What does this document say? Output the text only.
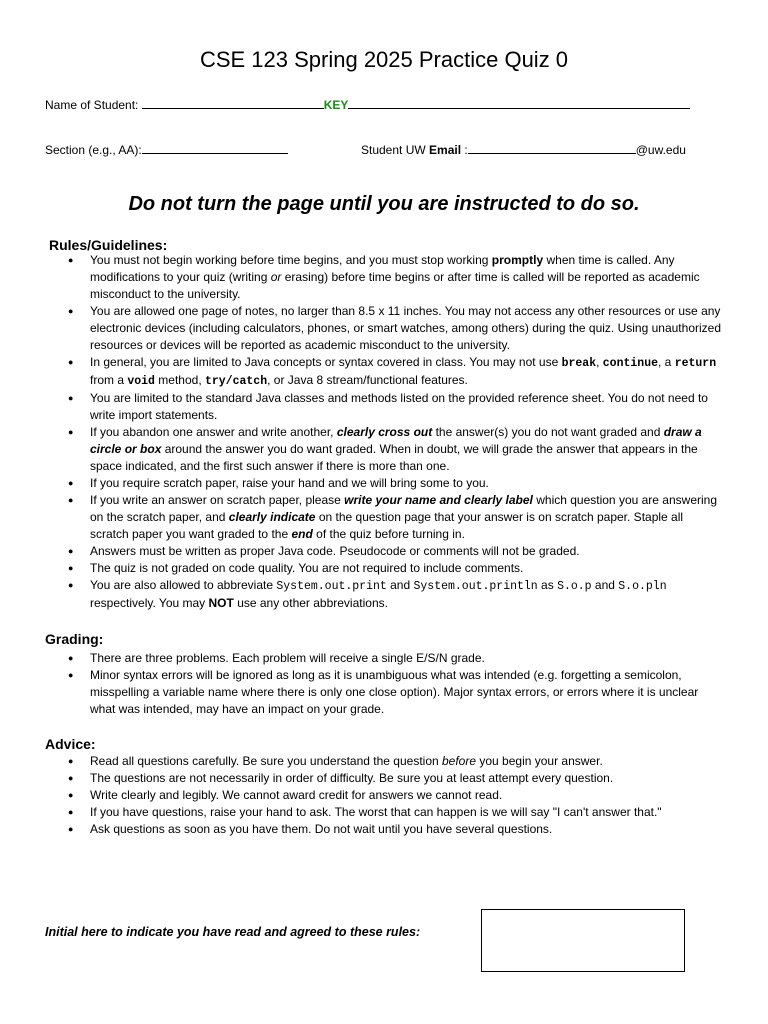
CSE 123 Spring 2025 Practice Quiz 0
Name of Student:	KEY
Section (e.g., AA):	Student UW Email :	@uw.edu
Do not turn the page until you are instructed to do so.
Rules/Guidelines:
● You must not begin working before time begins, and you must stop working promptly when time is called. Any modifications to your quiz (writing or erasing) before time begins or after time is called will be reported as academic misconduct to the university.
● You are allowed one page of notes, no larger than 8.5 x 11 inches. You may not access any other resources or use any electronic devices (including calculators, phones, or smart watches, among others) during the quiz. Using unauthorized resources or devices will be reported as academic misconduct to the university.
● In general, you are limited to Java concepts or syntax covered in class. You may not use break, continue, a return from a void method, try/catch, or Java 8 stream/functional features.
● You are limited to the standard Java classes and methods listed on the provided reference sheet. You do not need to write import statements.
● If you abandon one answer and write another, clearly cross out the answer(s) you do not want graded and draw a circle or box around the answer you do want graded. When in doubt, we will grade the answer that appears in the space indicated, and the first such answer if there is more than one.
● If you require scratch paper, raise your hand and we will bring some to you.
● If you write an answer on scratch paper, please write your name and clearly label which question you are answering on the scratch paper, and clearly indicate on the question page that your answer is on scratch paper. Staple all scratch paper you want graded to the end of the quiz before turning in.
● Answers must be written as proper Java code. Pseudocode or comments will not be graded.
● The quiz is not graded on code quality. You are not required to include comments.
● You are also allowed to abbreviate System.out.print and System.out.println as S.o.p and S.o.pln respectively. You may NOT use any other abbreviations.
Grading:
● There are three problems. Each problem will receive a single E/S/N grade.
● Minor syntax errors will be ignored as long as it is unambiguous what was intended (e.g. forgetting a semicolon, misspelling a variable name where there is only one close option). Major syntax errors, or errors where it is unclear what was intended, may have an impact on your grade.
Advice:
● Read all questions carefully. Be sure you understand the question before you begin your answer.
● The questions are not necessarily in order of difficulty. Be sure you at least attempt every question.
● Write clearly and legibly. We cannot award credit for answers we cannot read.
● If you have questions, raise your hand to ask. The worst that can happen is we will say "I can't answer that."
● Ask questions as soon as you have them. Do not wait until you have several questions.
Initial here to indicate you have read and agreed to these rules:
